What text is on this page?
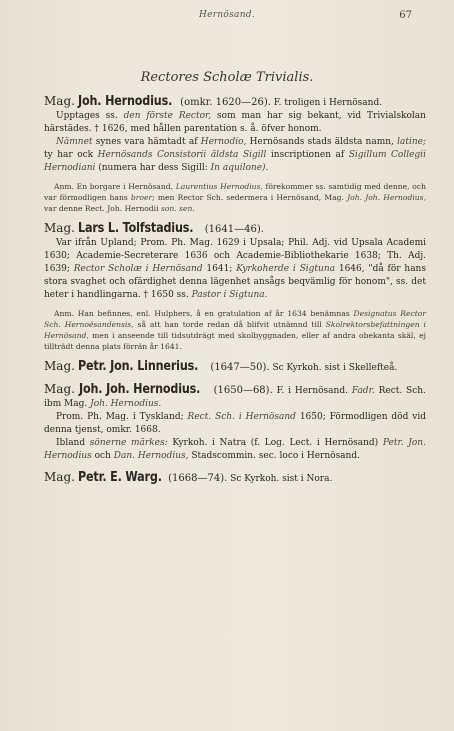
Hernösand.	67
Rectores Scholæ Trivialis.

Mag. Joh. Hernodius. (omkr. 1620—26). F. troligen i Hernösand.

Upptages ss. den förste Rector, som man har sig bekant, vid Trivialskolan härstädes. † 1626, med hållen parentation s. å. öfver honom.

Nämnet synes vara hämtadt af Hernodio, Hernösands stads äldsta namn, latine; ty har ock Hernösands Consistorii äldsta Sigill inscriptionen af Sigillum Collegii Hernodiani (numera har dess Sigill: In aquilone).

Anm. En borgare i Hernösand, Laurentius Hernodius, förekommer ss. samtidig med denne, och var förmodligen hans broer; men Rector Sch. sedermera i Hernösand, Mag. Joh. Joh. Hernodius, var denne Rect. Joh. Hernodii son. sen.

Mag. Lars L. Tolfstadius. (1641—46).

Var ifrån Upland; Prom. Ph. Mag. 1629 i Upsala; Phil. Adj. vid Upsala Academi 1630; Academie-Secreterare 1636 och Academie-Bibliothekarie 1638; Th. Adj. 1639; Rector Scholæ i Hernösand 1641; Kyrkoherde i Sigtuna 1646, "då för hans stora svaghet och ofärdighet denna lägenhet ansågs beqvämlig för honom", ss. det heter i handlingarna. † 1650 ss. Pastor i Sigtuna.

Anm. Han befinnes, enl. Hulphers, å en gratulation af år 1634 benämnas Designatus Rector Sch. Hernoësandensis, så att han torde redan då blifvit utnämnd till Skolrektorsbefattningen i Hernösand, men i anseende till tidsutdrägt med skolbyggnaden, eller af andra obekanta skäl, ej tillträdt denna plats förrän år 1641.

Mag. Petr. Jon. Linnerius. (1647—50). Sc Kyrkoh. sist i Skellefteå.

Mag. Joh. Joh. Hernodius. (1650—68). F. i Hernösand. Fadr. Rect. Sch. ibm Mag. Joh. Hernodius.

Prom. Ph. Mag. i Tyskland; Rect. Sch. i Hernösand 1650; Förmodligen död vid denna tjenst, omkr. 1668.

Ibland sönerne märkes: Kyrkoh. i Natra (f. Log. Lect. i Hernösand) Petr. Jon. Hernodius och Dan. Hernodius, Stadscommin. sec. loco i Hernösand.

Mag. Petr. E. Warg. (1668—74). Sc Kyrkoh. sist i Nora.
